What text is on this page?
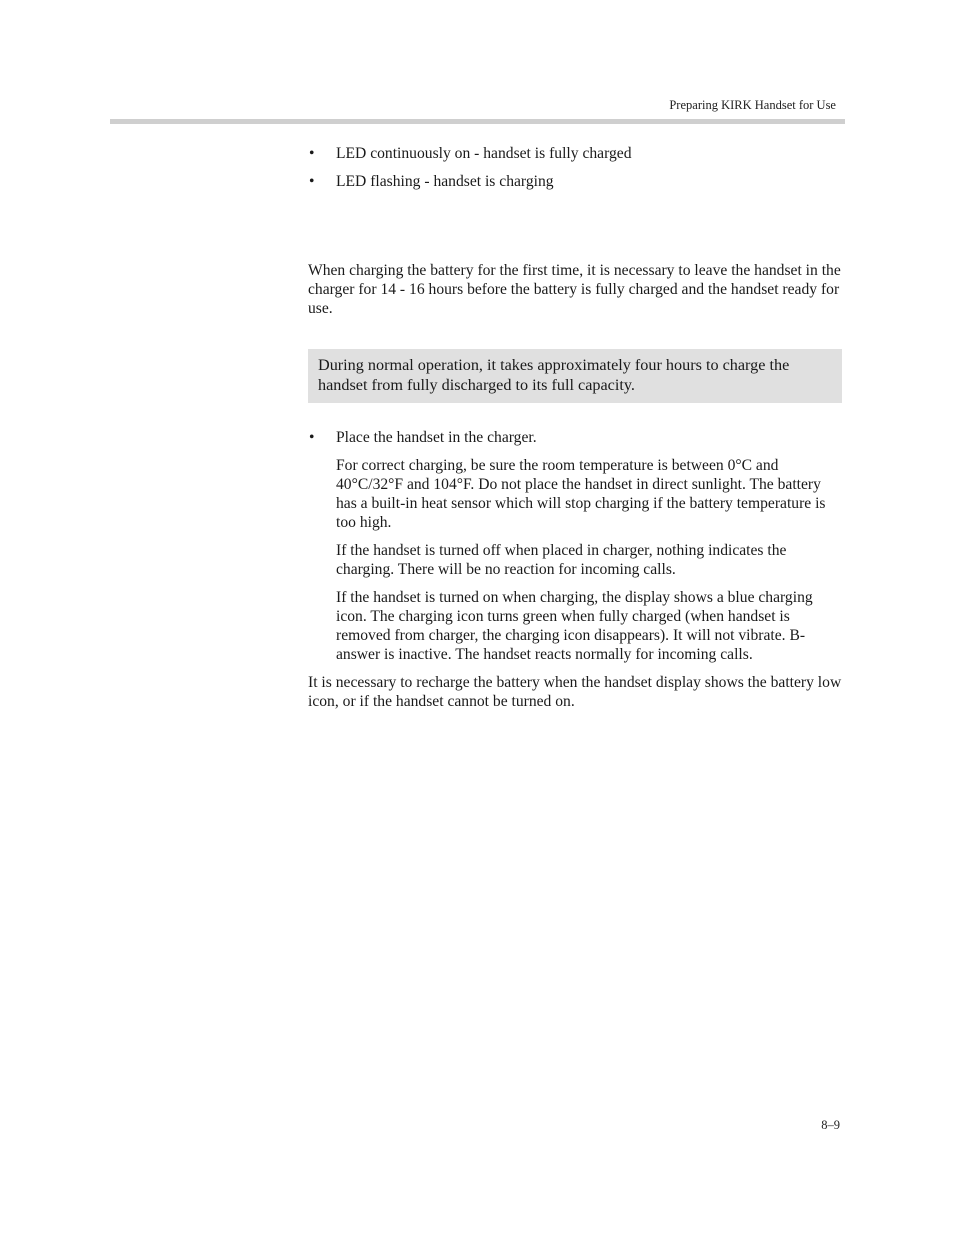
Preparing KIRK Handset for Use
• LED continuously on - handset is fully charged
• LED flashing - handset is charging

When charging the battery for the first time, it is necessary to leave the handset in the charger for 14 - 16 hours before the battery is fully charged and the handset ready for use.

During normal operation, it takes approximately four hours to charge the handset from fully discharged to its full capacity.
• Place the handset in the charger.

For correct charging, be sure the room temperature is between 0°C and 40°C/32°F and 104°F. Do not place the handset in direct sunlight. The battery has a built-in heat sensor which will stop charging if the battery temperature is too high.

If the handset is turned off when placed in charger, nothing indicates the charging. There will be no reaction for incoming calls.

If the handset is turned on when charging, the display shows a blue charging icon. The charging icon turns green when fully charged (when handset is removed from charger, the charging icon disappears). It will not vibrate. B-answer is inactive. The handset reacts normally for incoming calls.

It is necessary to recharge the battery when the handset display shows the battery low icon, or if the handset cannot be turned on.

8–9
